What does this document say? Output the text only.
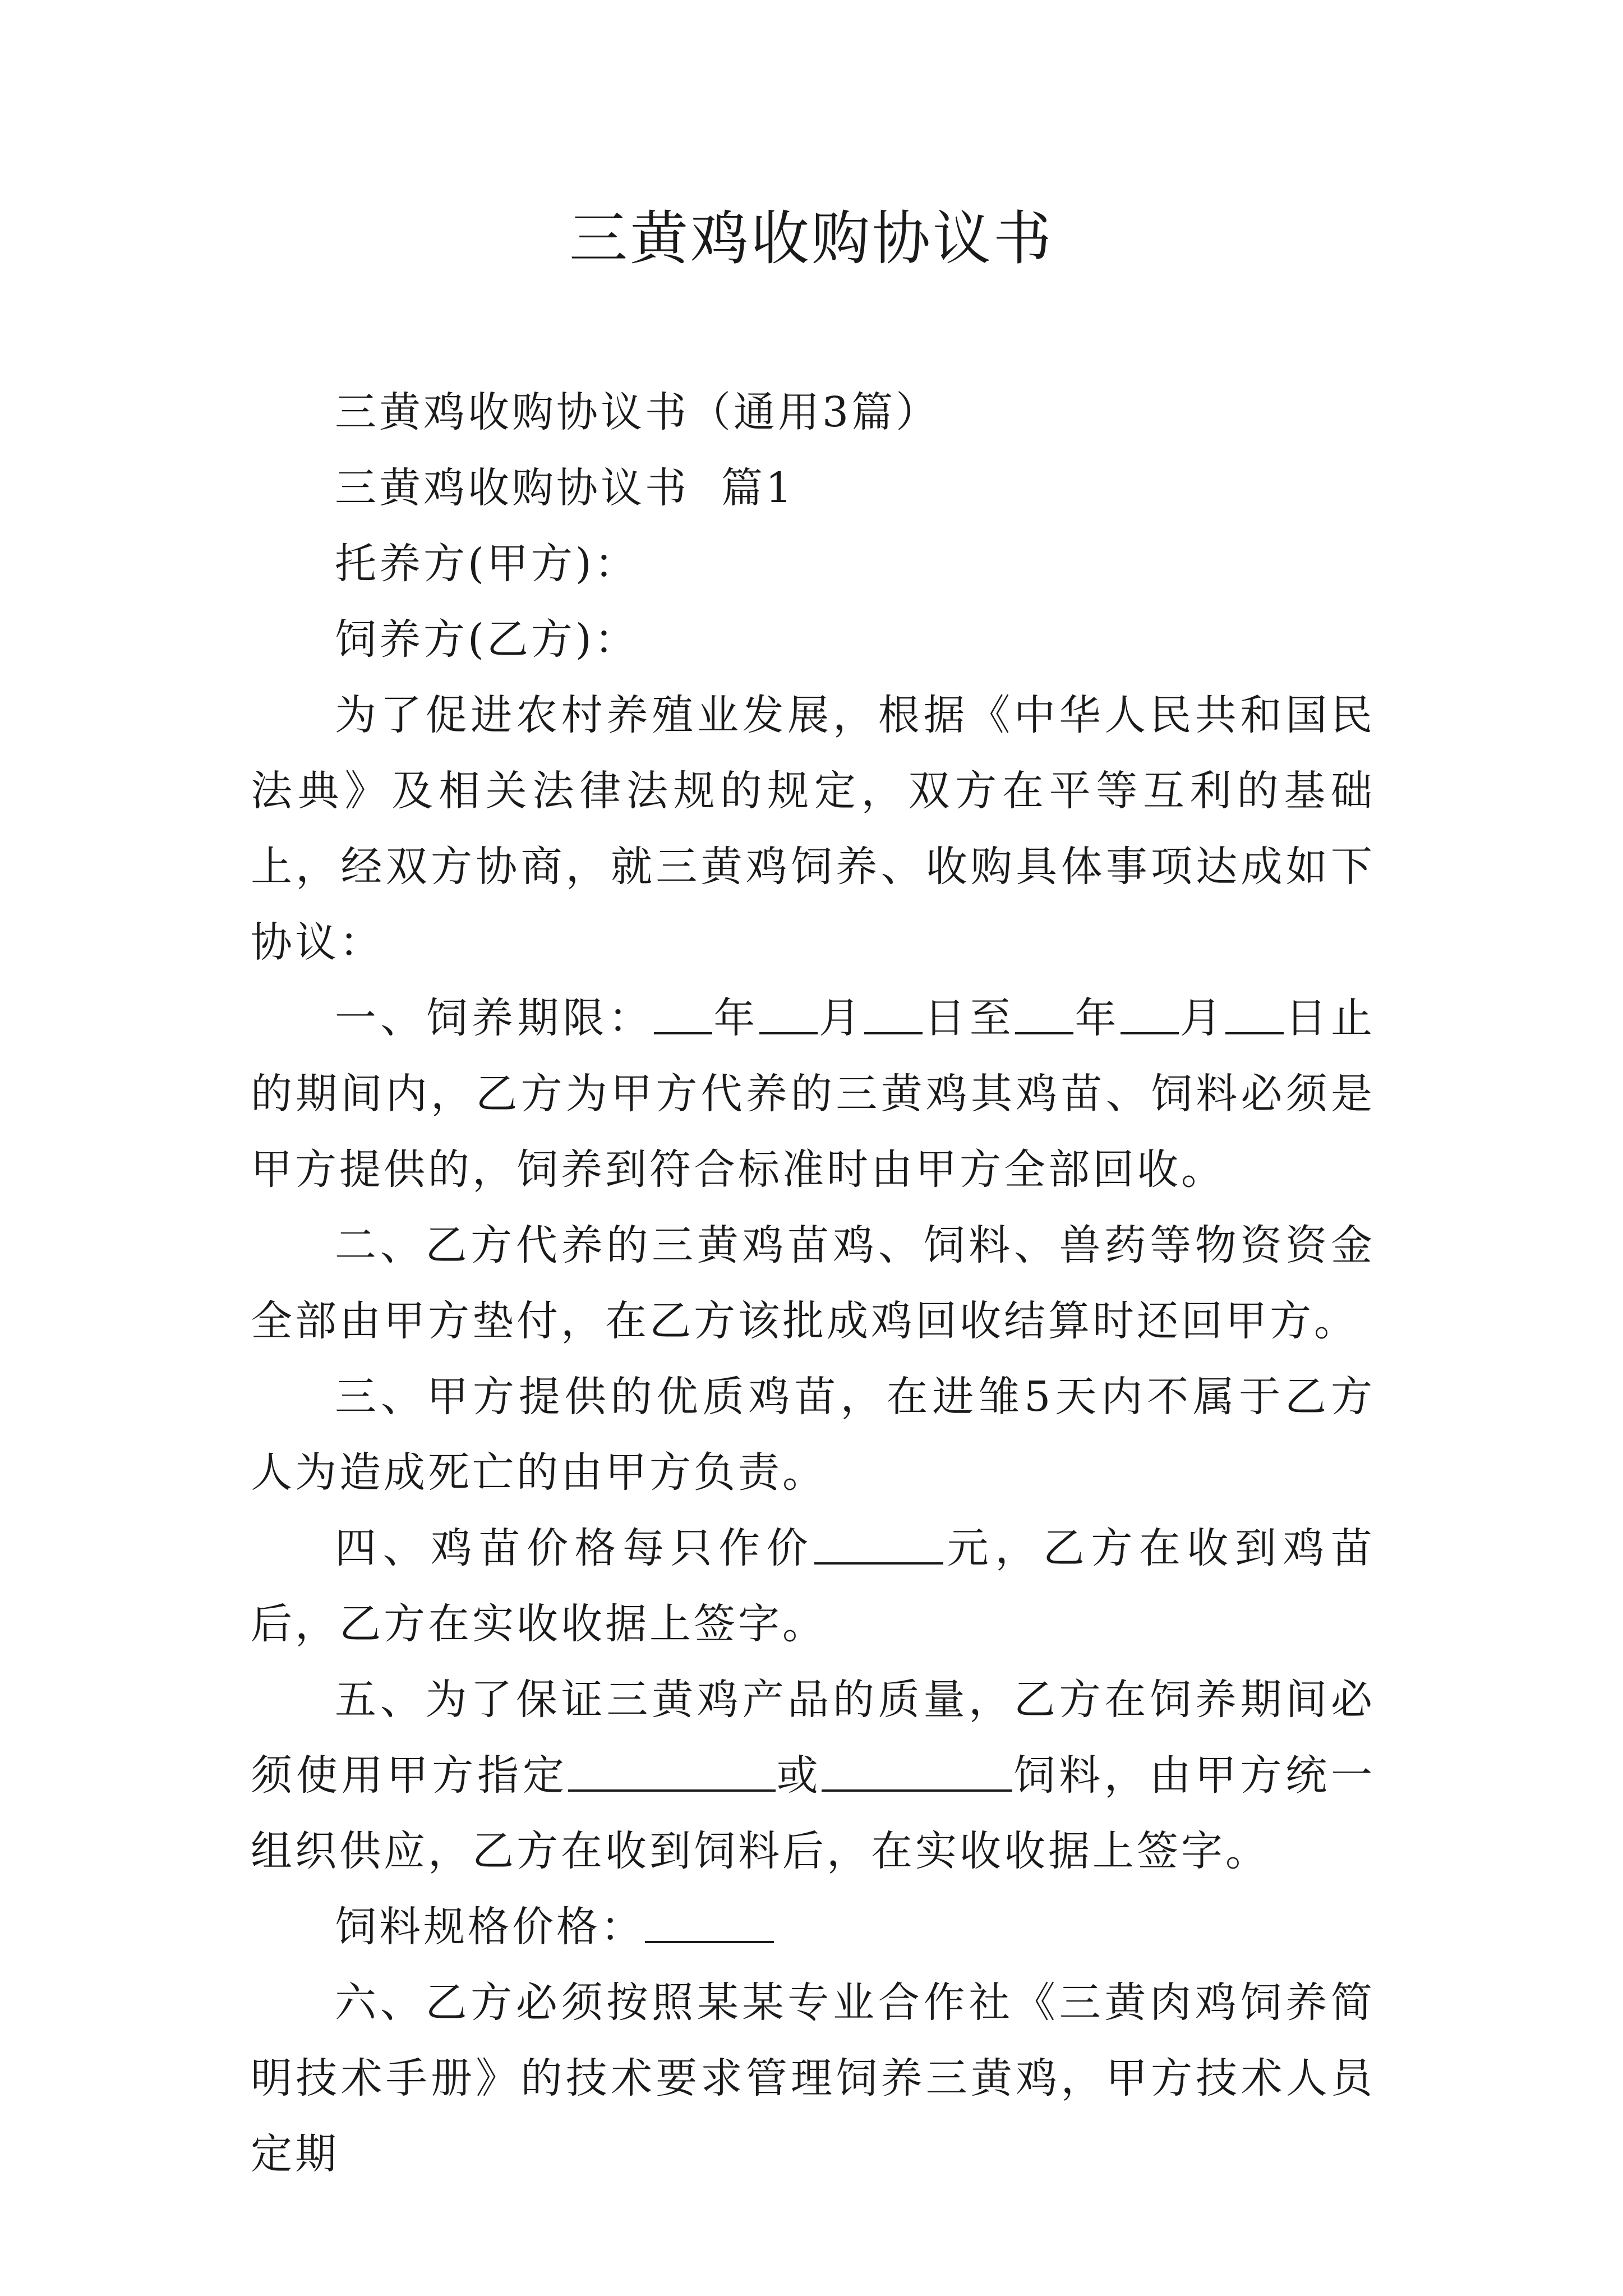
三黄鸡收购协议书

三黄鸡收购协议书（通用3篇）

三黄鸡收购协议书  篇1

托养方(甲方)：

饲养方(乙方)：

为了促进农村养殖业发展，根据《中华人民共和国民法典》及相关法律法规的规定，双方在平等互利的基础上，经双方协商，就三黄鸡饲养、收购具体事项达成如下协议：

一、饲养期限： 年 月 日至 年 月 日止的期间内，乙方为甲方代养的三黄鸡其鸡苗、饲料必须是甲方提供的，饲养到符合标准时由甲方全部回收。

二、乙方代养的三黄鸡苗鸡、饲料、兽药等物资资金全部由甲方垫付，在乙方该批成鸡回收结算时还回甲方。

三、甲方提供的优质鸡苗，在进雏5天内不属于乙方人为造成死亡的由甲方负责。

四、鸡苗价格每只作价	元，乙方在收到鸡苗后，乙方在实收收据上签字。

五、为了保证三黄鸡产品的质量，乙方在饲养期间必须使用甲方指定	或	饲料，由甲方统一组织供应，乙方在收到饲料后，在实收收据上签字。

饲料规格价格：

六、乙方必须按照某某专业合作社《三黄肉鸡饲养简明技术手册》的技术要求管理饲养三黄鸡，甲方技术人员定期
